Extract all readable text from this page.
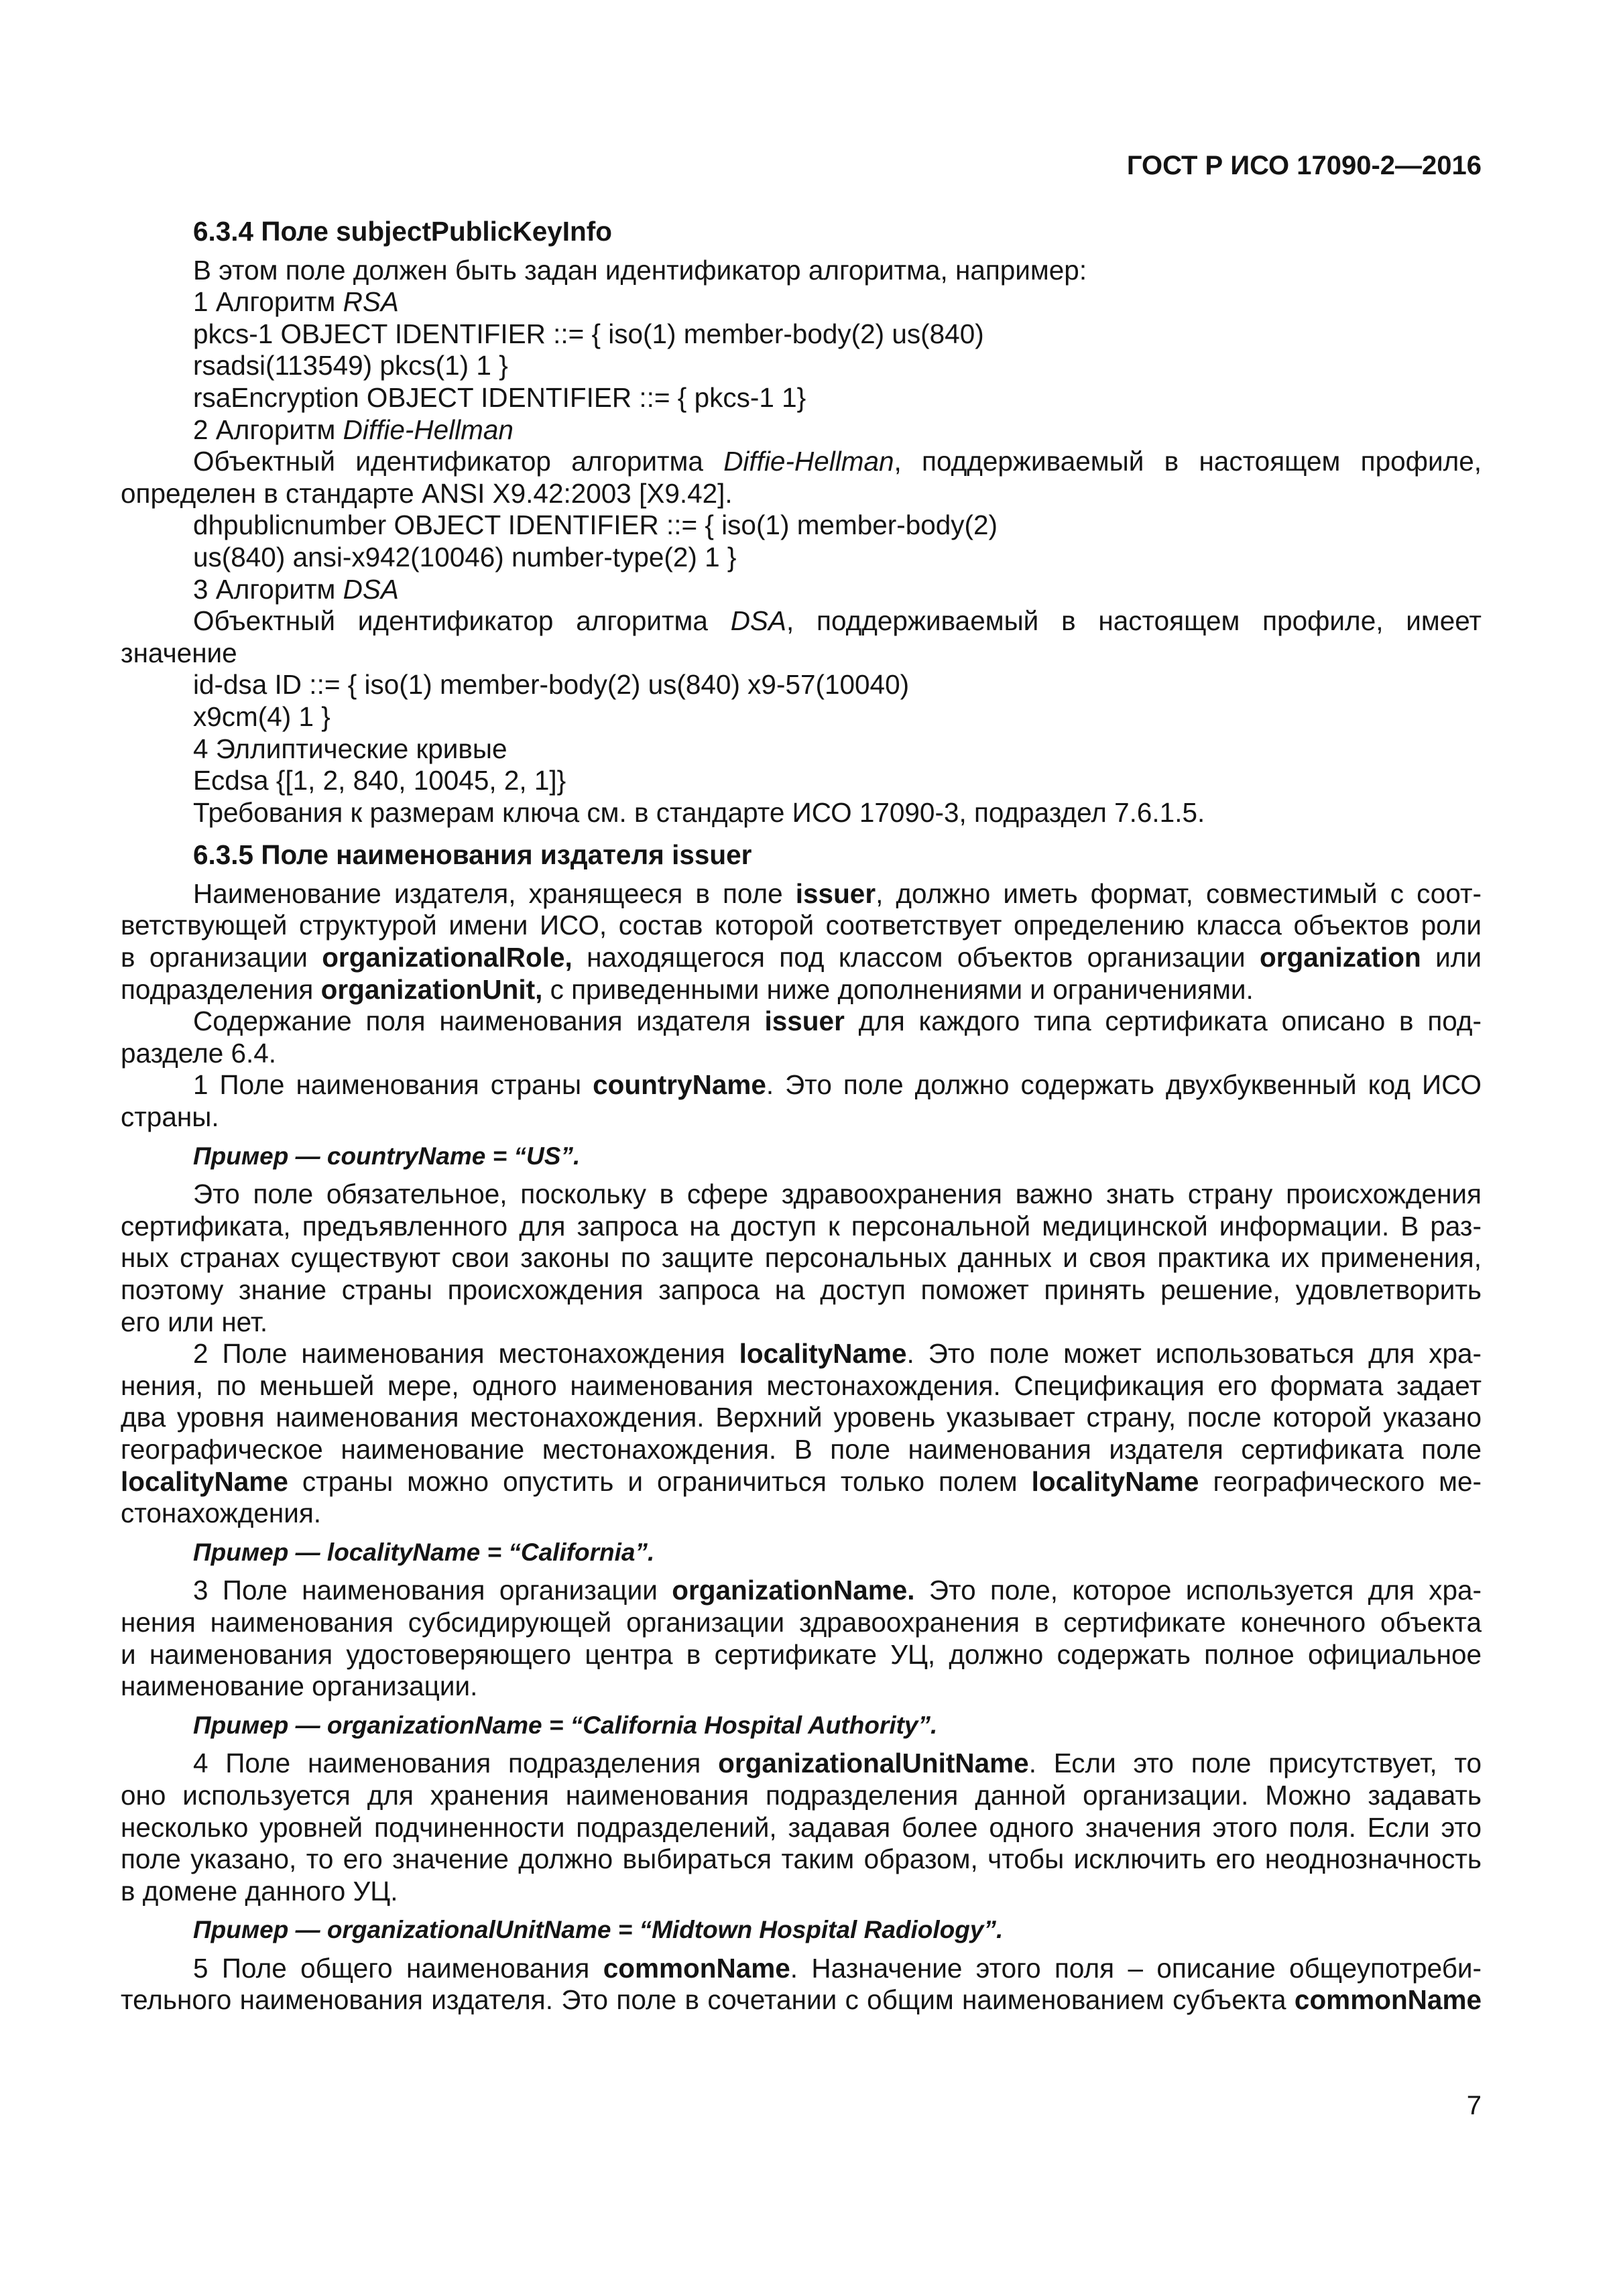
ГОСТ Р ИСО 17090-2—2016
6.3.4 Поле subjectPublicKeyInfo
В этом поле должен быть задан идентификатор алгоритма, например:
1 Алгоритм RSA
pkcs-1 OBJECT IDENTIFIER ::= { iso(1) member-body(2) us(840)
rsadsi(113549) pkcs(1) 1 }
rsaEncryption OBJECT IDENTIFIER ::= { pkcs-1 1}
2 Алгоритм Diffie-Hellman
Объектный идентификатор алгоритма Diffie-Hellman, поддерживаемый в настоящем профиле,
определен в стандарте ANSI X9.42:2003 [X9.42].
dhpublicnumber OBJECT IDENTIFIER ::= { iso(1) member-body(2)
us(840) ansi-x942(10046) number-type(2) 1 }
3 Алгоритм DSA
Объектный идентификатор алгоритма DSA, поддерживаемый в настоящем профиле, имеет
значение
id-dsa ID ::= { iso(1) member-body(2) us(840) x9-57(10040)
x9cm(4) 1 }
4 Эллиптические кривые
Ecdsa {[1, 2, 840, 10045, 2, 1]}
Требования к размерам ключа см. в стандарте ИСО 17090-3, подраздел 7.6.1.5.
6.3.5 Поле наименования издателя issuer
Наименование издателя, хранящееся в поле issuer, должно иметь формат, совместимый с соот-
ветствующей структурой имени ИСО, состав которой соответствует определению класса объектов роли
в организации organizationalRole, находящегося под классом объектов организации organization или
подразделения organizationUnit, с приведенными ниже дополнениями и ограничениями.
Содержание поля наименования издателя issuer для каждого типа сертификата описано в под-
разделе 6.4.
1 Поле наименования страны countryName. Это поле должно содержать двухбуквенный код ИСО
страны.
Пример — countryName = “US”.
Это поле обязательное, поскольку в сфере здравоохранения важно знать страну происхождения
сертификата, предъявленного для запроса на доступ к персональной медицинской информации. В раз-
ных странах существуют свои законы по защите персональных данных и своя практика их применения,
поэтому знание страны происхождения запроса на доступ поможет принять решение, удовлетворить
его или нет.
2 Поле наименования местонахождения localityName. Это поле может использоваться для хра-
нения, по меньшей мере, одного наименования местонахождения. Спецификация его формата задает
два уровня наименования местонахождения. Верхний уровень указывает страну, после которой указано
географическое наименование местонахождения. В поле наименования издателя сертификата поле
localityName страны можно опустить и ограничиться только полем localityName географического ме-
стонахождения.
Пример — localityName = “California”.
3 Поле наименования организации organizationName. Это поле, которое используется для хра-
нения наименования субсидирующей организации здравоохранения в сертификате конечного объекта
и наименования удостоверяющего центра в сертификате УЦ, должно содержать полное официальное
наименование организации.
Пример — organizationName = “California Hospital Authority”.
4 Поле наименования подразделения organizationalUnitName. Если это поле присутствует, то
оно используется для хранения наименования подразделения данной организации. Можно задавать
несколько уровней подчиненности подразделений, задавая более одного значения этого поля. Если это
поле указано, то его значение должно выбираться таким образом, чтобы исключить его неоднозначность
в домене данного УЦ.
Пример — organizationalUnitName = “Midtown Hospital Radiology”.
5 Поле общего наименования commonName. Назначение этого поля – описание общеупотреби-
тельного наименования издателя. Это поле в сочетании с общим наименованием субъекта commonName
7
